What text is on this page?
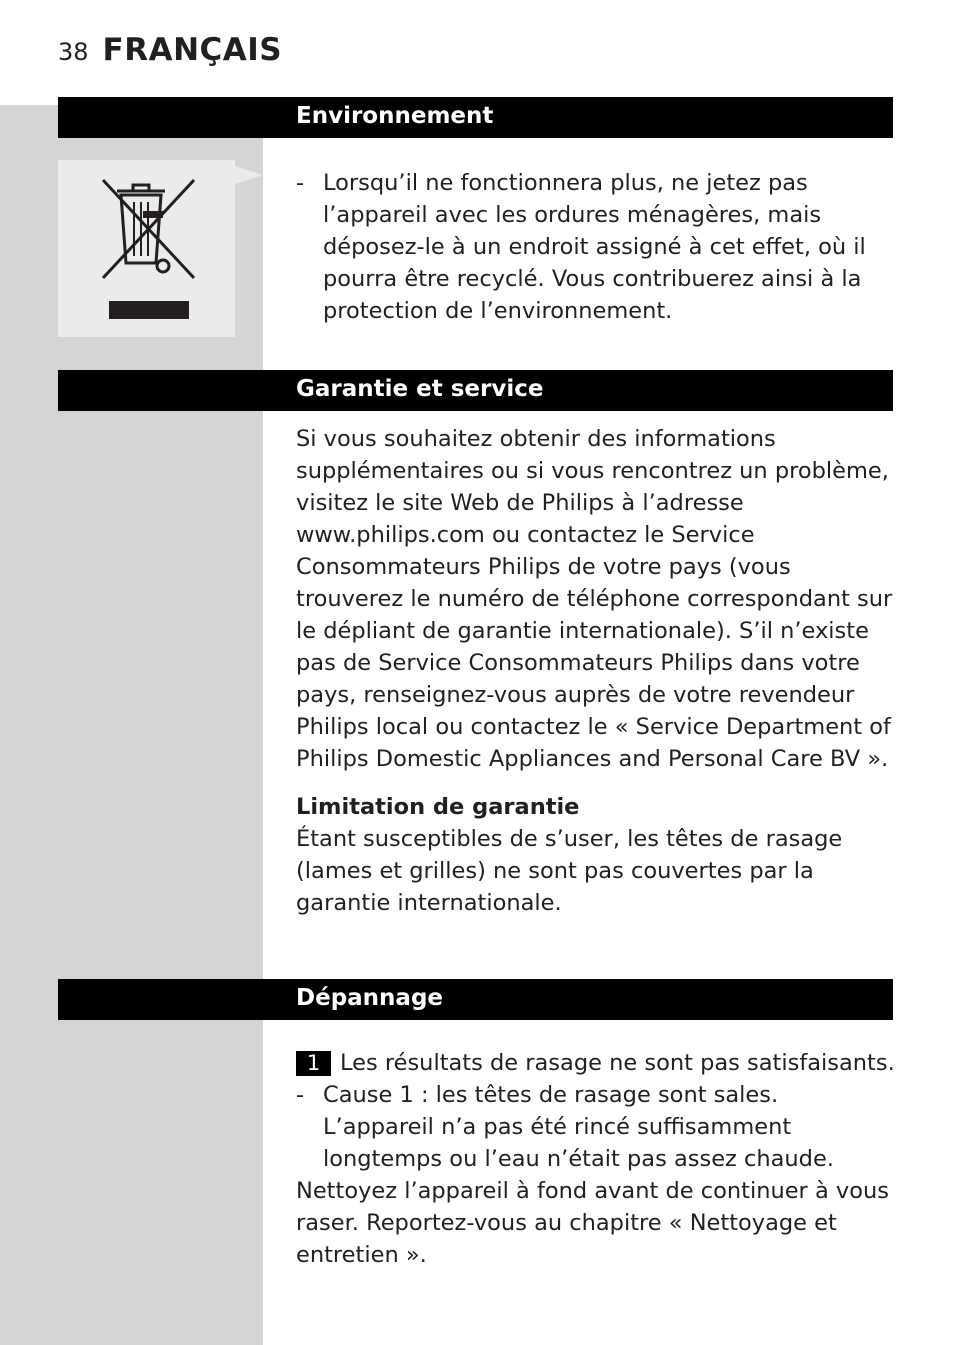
38 FRANÇAIS
Environnement

- Lorsqu’il ne fonctionnera plus, ne jetez pas l’appareil avec les ordures ménagères, mais déposez-le à un endroit assigné à cet effet, où il pourra être recyclé. Vous contribuerez ainsi à la protection de l’environnement.

Garantie et service

Si vous souhaitez obtenir des informations supplémentaires ou si vous rencontrez un problème, visitez le site Web de Philips à l’adresse www.philips.com ou contactez le Service Consommateurs Philips de votre pays (vous trouverez le numéro de téléphone correspondant sur le dépliant de garantie internationale). S’il n’existe pas de Service Consommateurs Philips dans votre pays, renseignez-vous auprès de votre revendeur Philips local ou contactez le « Service Department of Philips Domestic Appliances and Personal Care BV ».

Limitation de garantie

Étant susceptibles de s’user, les têtes de rasage (lames et grilles) ne sont pas couvertes par la garantie internationale.

Dépannage
1 Les résultats de rasage ne sont pas satisfaisants.

- Cause 1 : les têtes de rasage sont sales. L’appareil n’a pas été rincé suffisamment longtemps ou l’eau n’était pas assez chaude.

Nettoyez l’appareil à fond avant de continuer à vous raser. Reportez-vous au chapitre « Nettoyage et entretien ».
